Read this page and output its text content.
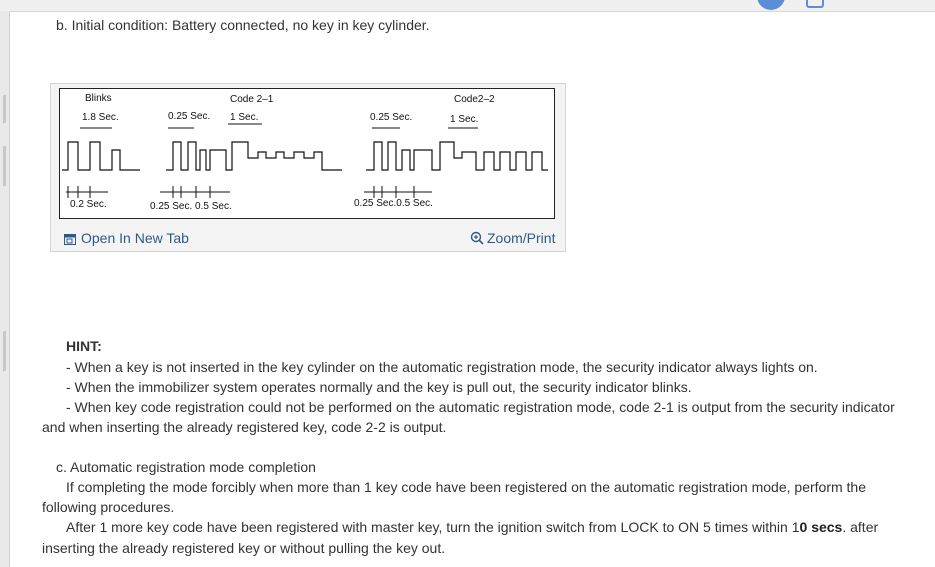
b. Initial condition: Battery connected, no key in key cylinder.
Blinks
1.8 Sec.
Code 2–1
0.25 Sec. 1 Sec.	0.25 Sec.
Code2–2
1 Sec.
0.2 Sec.	0.25 Sec. 0.5 Sec.	0.25 Sec.0.5 Sec.
Open In New Tab	Zoom/Print
HINT:
- When a key is not inserted in the key cylinder on the automatic registration mode, the security indicator always lights on.
- When the immobilizer system operates normally and the key is pull out, the security indicator blinks.
- When key code registration could not be performed on the automatic registration mode, code 2-1 is output from the security indicator
and when inserting the already registered key, code 2-2 is output.
c. Automatic registration mode completion
If completing the mode forcibly when more than 1 key code have been registered on the automatic registration mode, perform the
following procedures.
After 1 more key code have been registered with master key, turn the ignition switch from LOCK to ON 5 times within 10 secs. after
inserting the already registered key or without pulling the key out.
